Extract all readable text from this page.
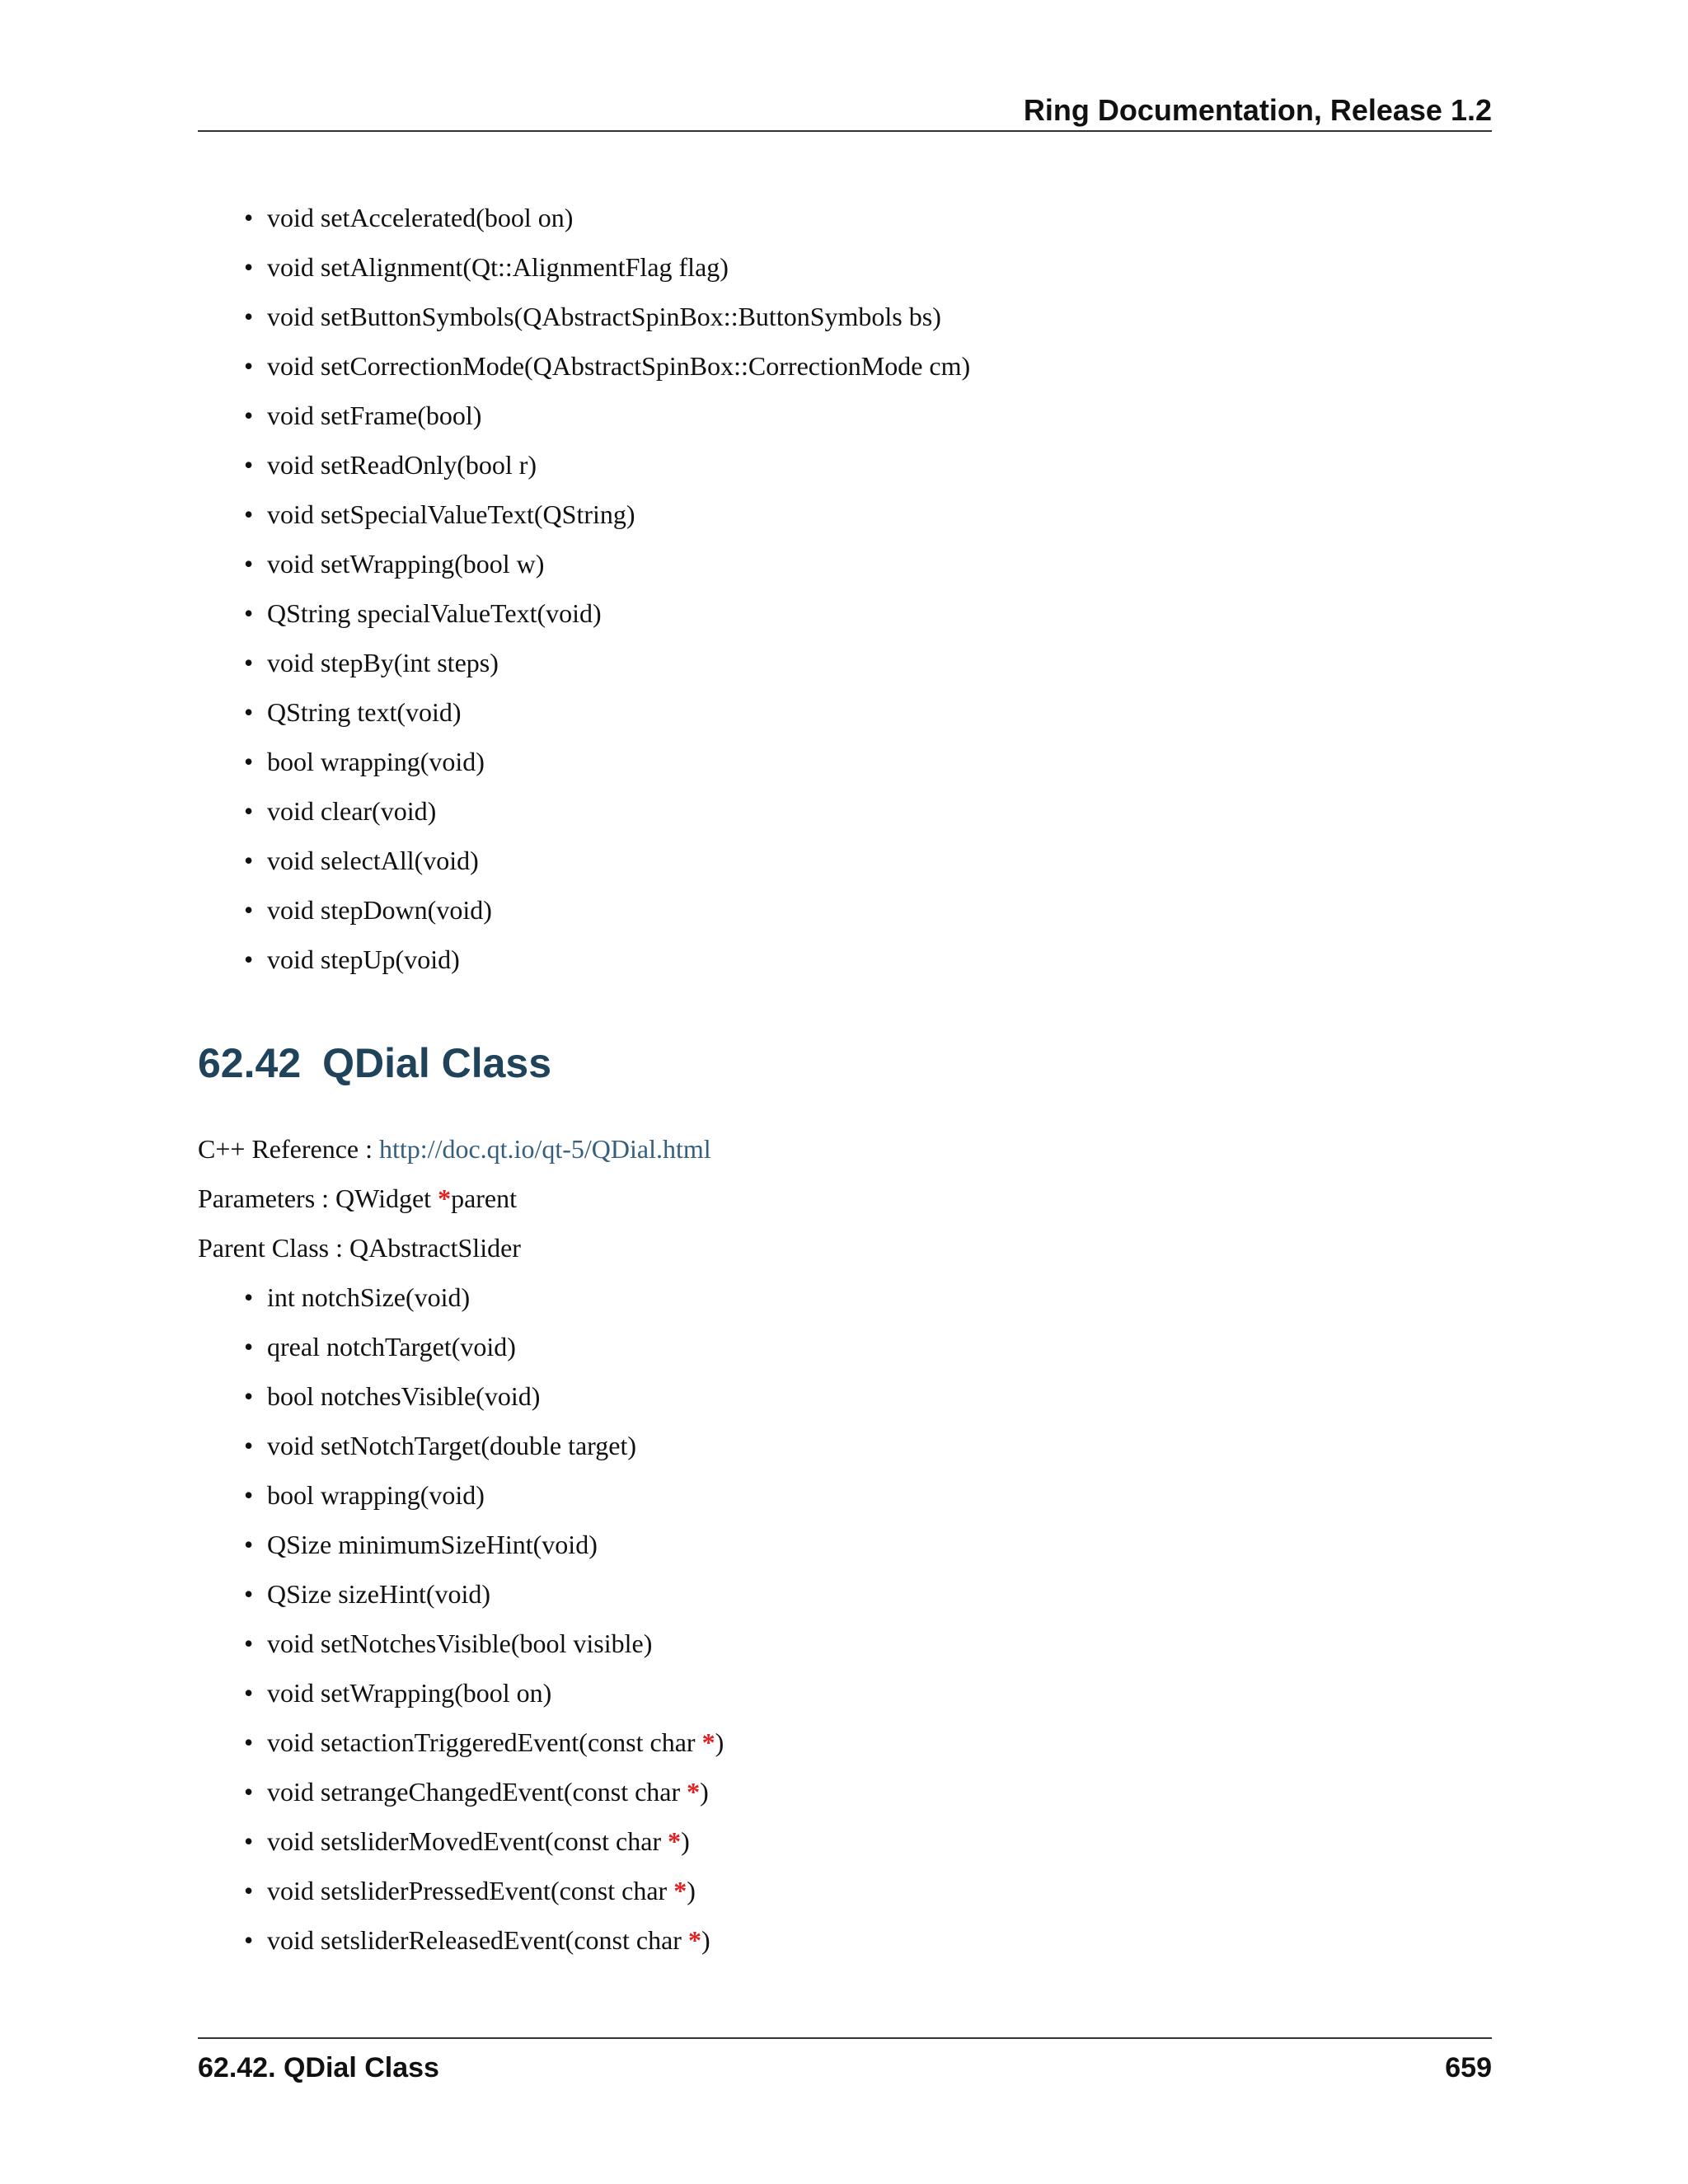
Ring Documentation, Release 1.2
• void setAccelerated(bool on)
• void setAlignment(Qt::AlignmentFlag flag)
• void setButtonSymbols(QAbstractSpinBox::ButtonSymbols bs)
• void setCorrectionMode(QAbstractSpinBox::CorrectionMode cm)
• void setFrame(bool)
• void setReadOnly(bool r)
• void setSpecialValueText(QString)
• void setWrapping(bool w)
• QString specialValueText(void)
• void stepBy(int steps)
• QString text(void)
• bool wrapping(void)
• void clear(void)
• void selectAll(void)
• void stepDown(void)
• void stepUp(void)
62.42 QDial Class
C++ Reference : http://doc.qt.io/qt-5/QDial.html
Parameters : QWidget *parent
Parent Class : QAbstractSlider
• int notchSize(void)
• qreal notchTarget(void)
• bool notchesVisible(void)
• void setNotchTarget(double target)
• bool wrapping(void)
• QSize minimumSizeHint(void)
• QSize sizeHint(void)
• void setNotchesVisible(bool visible)
• void setWrapping(bool on)
• void setactionTriggeredEvent(const char *)
• void setrangeChangedEvent(const char *)
• void setsliderMovedEvent(const char *)
• void setsliderPressedEvent(const char *)
• void setsliderReleasedEvent(const char *)
62.42. QDial Class	659
